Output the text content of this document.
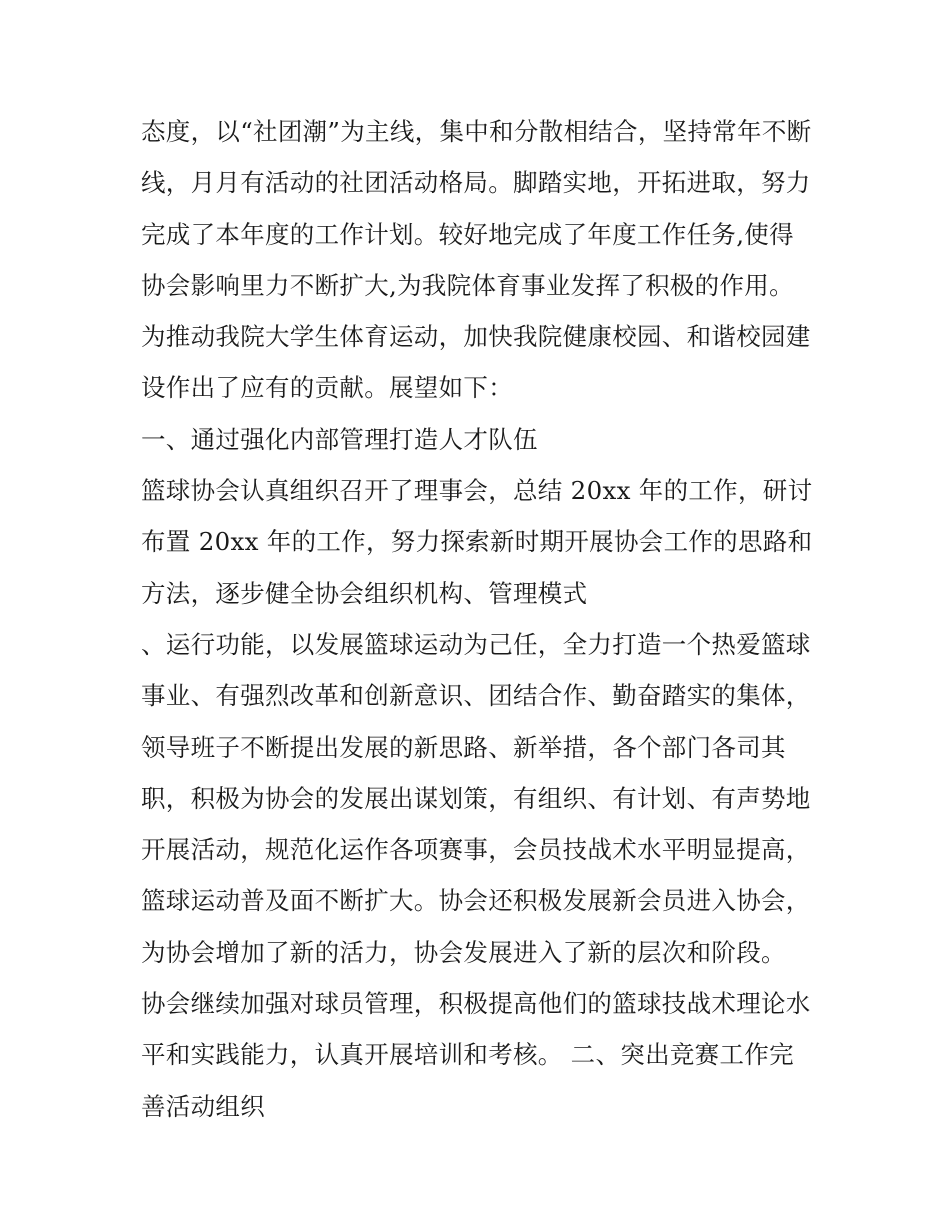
态度，以“社团潮”为主线，集中和分散相结合，坚持常年不断
线，月月有活动的社团活动格局。脚踏实地，开拓进取，努力
完成了本年度的工作计划。较好地完成了年度工作任务,使得
协会影响里力不断扩大,为我院体育事业发挥了积极的作用。
为推动我院大学生体育运动，加快我院健康校园、和谐校园建
设作出了应有的贡献。展望如下：
一、通过强化内部管理打造人才队伍
篮球协会认真组织召开了理事会，总结 20xx 年的工作，研讨
布置 20xx 年的工作，努力探索新时期开展协会工作的思路和
方法，逐步健全协会组织机构、管理模式
、运行功能，以发展篮球运动为己任，全力打造一个热爱篮球
事业、有强烈改革和创新意识、团结合作、勤奋踏实的集体，
领导班子不断提出发展的新思路、新举措，各个部门各司其
职，积极为协会的发展出谋划策，有组织、有计划、有声势地
开展活动，规范化运作各项赛事，会员技战术水平明显提高，
篮球运动普及面不断扩大。协会还积极发展新会员进入协会，
为协会增加了新的活力，协会发展进入了新的层次和阶段。
协会继续加强对球员管理，积极提高他们的篮球技战术理论水
平和实践能力，认真开展培训和考核。 二、突出竞赛工作完
善活动组织
